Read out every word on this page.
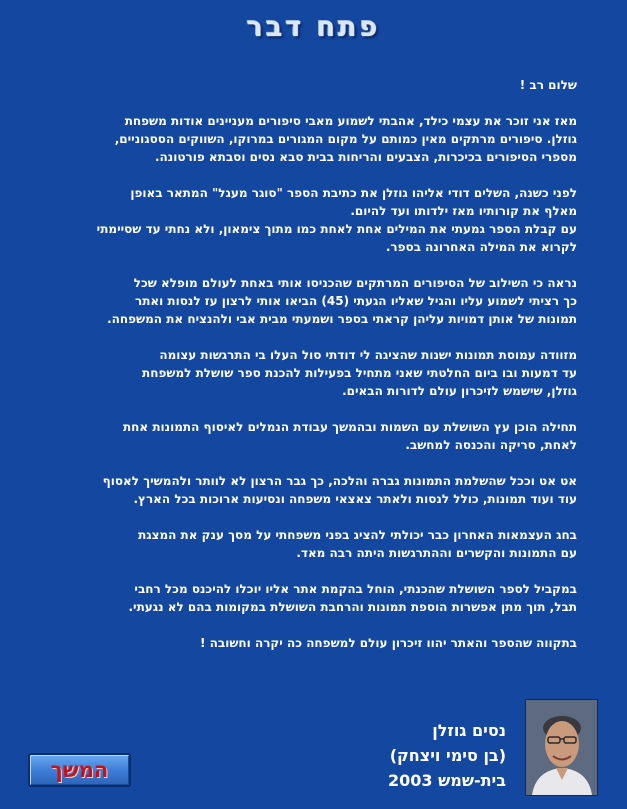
פתח דבר

שלום רב !

מאז אני זוכר את עצמי כילד, אהבתי לשמוע מאבי סיפורים מעניינים אודות משפחת
גוזלן. סיפורים מרתקים מאין כמותם על מקום המגורים במרוקו, השווקים הססגוניים,
מספרי הסיפורים בכיכרות, הצבעים והריחות בבית סבא נסים וסבתא פורטונה.

לפני כשנה, השלים דודי אליהו גוזלן את כתיבת הספר "סוגר מעגל" המתאר באופן
מאלף את קורותיו מאז ילדותו ועד להיום.
עם קבלת הספר גמעתי את המילים אחת לאחת כמו מתוך צימאון, ולא נחתי עד שסיימתי
לקרוא את המילה האחרונה בספר.

נראה כי השילוב של הסיפורים המרתקים שהכניסו אותי באחת לעולם מופלא שכל
כך רציתי לשמוע עליו והגיל שאליו הגעתי (45) הביאו אותי לרצון עז לנסות ואתר
תמונות של אותן דמויות עליהן קראתי בספר ושמעתי מבית אבי ולהנציח את המשפחה.

מזוודה עמוסת תמונות ישנות שהציגה לי דודתי סול העלו בי התרגשות עצומה
עד דמעות ובו ביום החלטתי שאני מתחיל בפעילות להכנת ספר שושלת למשפחת
גוזלן, שישמש לזיכרון עולם לדורות הבאים.

תחילה הוכן עץ השושלת עם השמות ובהמשך עבודת הנמלים לאיסוף התמונות אחת
לאחת, סריקה והכנסה למחשב.

אט אט וככל שהשלמת התמונות גברה והלכה, כך גבר הרצון לא לוותר ולהמשיך לאסוף
עוד ועוד תמונות, כולל לנסות ולאתר צאצאי משפחה ונסיעות ארוכות בכל הארץ.

בחג העצמאות האחרון כבר יכולתי להציג בפני משפחתי על מסך ענק את המצגת
עם התמונות והקשרים וההתרגשות היתה רבה מאד.

במקביל לספר השושלת שהכנתי, הוחל בהקמת אתר אליו יוכלו להיכנס מכל רחבי
תבל, תוך מתן אפשרות הוספת תמונות והרחבת השושלת במקומות בהם לא נגעתי.

בתקווה שהספר והאתר יהוו זיכרון עולם למשפחה כה יקרה וחשובה !

נסים גוזלן
(בן סימי ויצחק)
בית-שמש 2003
המשך
